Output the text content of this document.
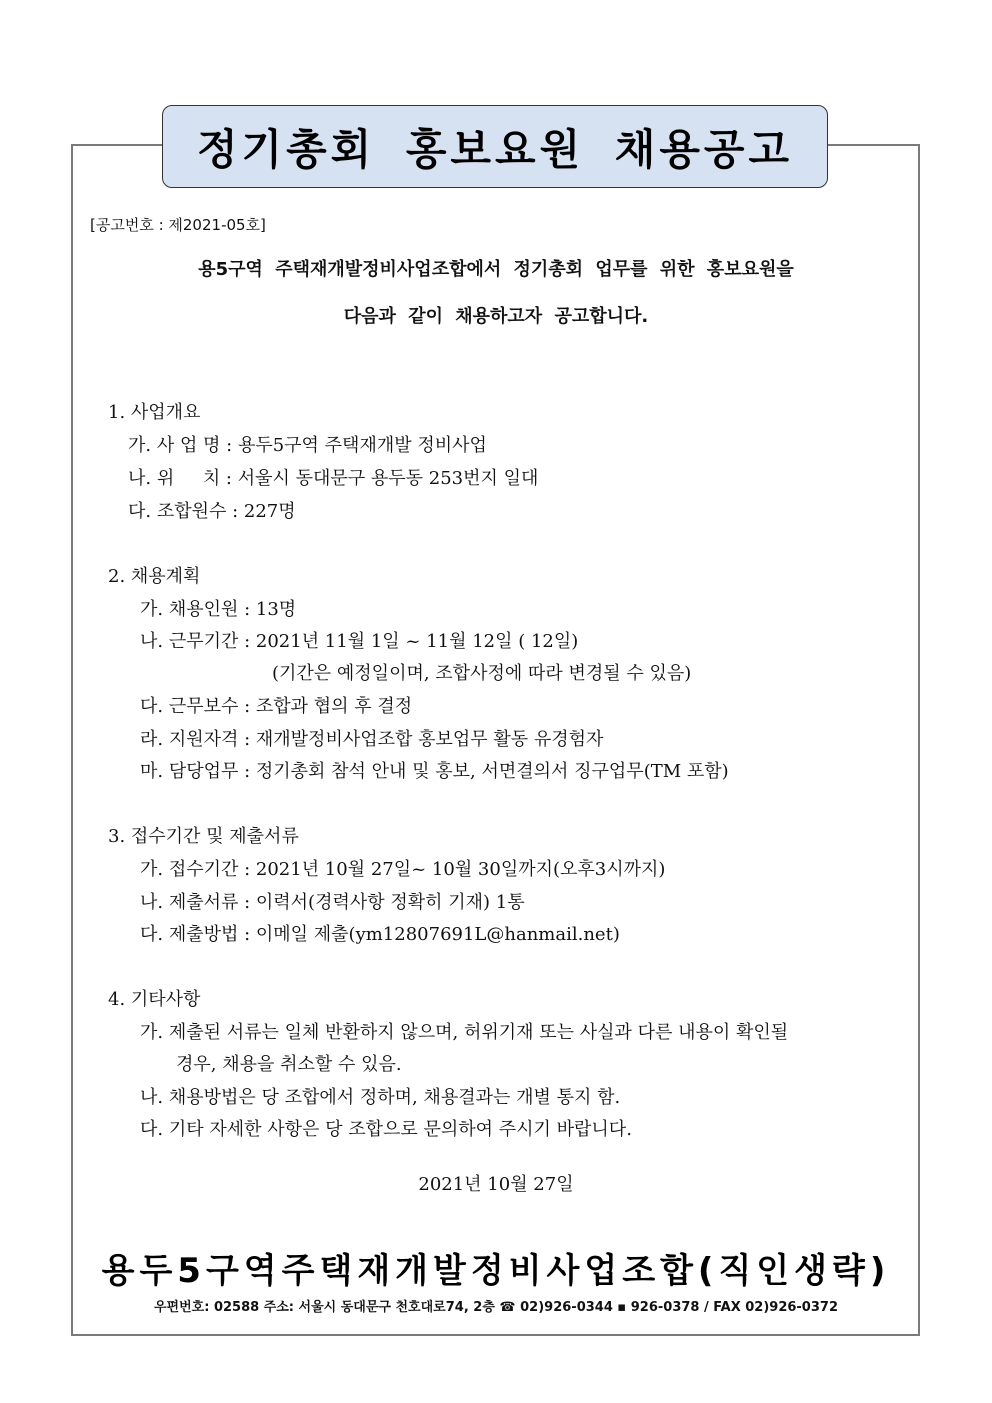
정기총회 홍보요원 채용공고
[공고번호 : 제2021-05호]
용5구역 주택재개발정비사업조합에서 정기총회 업무를 위한 홍보요원을
다음과 같이 채용하고자 공고합니다.
1. 사업개요
가. 사 업 명 : 용두5구역 주택재개발 정비사업
나. 위     치 : 서울시 동대문구 용두동 253번지 일대
다. 조합원수 : 227명
2. 채용계획
가. 채용인원 : 13명
나. 근무기간 : 2021년 11월 1일 ~ 11월 12일 ( 12일)
(기간은 예정일이며, 조합사정에 따라 변경될 수 있음)
다. 근무보수 : 조합과 협의 후 결정
라. 지원자격 : 재개발정비사업조합 홍보업무 활동 유경험자
마. 담당업무 : 정기총회 참석 안내 및 홍보, 서면결의서 징구업무(TM 포함)
3. 접수기간 및 제출서류
가. 접수기간 : 2021년 10월 27일~ 10월 30일까지(오후3시까지)
나. 제출서류 : 이력서(경력사항 정확히 기재) 1통
다. 제출방법 : 이메일 제출(ym12807691L@hanmail.net)
4. 기타사항
가. 제출된 서류는 일체 반환하지 않으며, 허위기재 또는 사실과 다른 내용이 확인될
경우, 채용을 취소할 수 있음.
나. 채용방법은 당 조합에서 정하며, 채용결과는 개별 통지 함.
다. 기타 자세한 사항은 당 조합으로 문의하여 주시기 바랍니다.
2021년 10월 27일
용두5구역주택재개발정비사업조합(직인생략)
우편번호: 02588 주소: 서울시 동대문구 천호대로74, 2층 ☎ 02)926-0344 ▪ 926-0378 / FAX 02)926-0372
